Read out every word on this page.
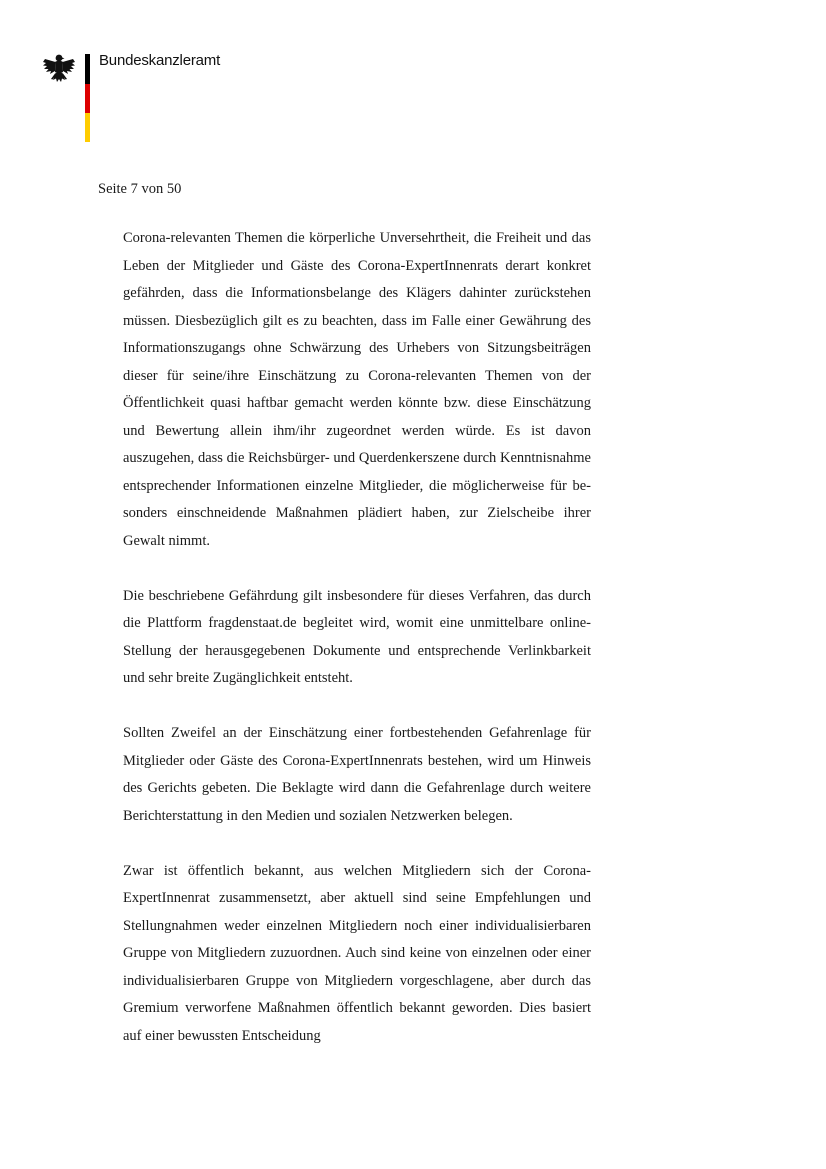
Bundeskanzleramt
Seite 7 von 50

Corona-relevanten Themen die körperliche Unversehrtheit, die Freiheit und das Leben der Mitglieder und Gäste des Corona-ExpertInnenrats derart konkret gefährden, dass die Informationsbelange des Klägers dahinter zurückstehen müssen. Diesbezüglich gilt es zu beachten, dass im Falle einer Gewährung des Informationszugangs ohne Schwärzung des Urhebers von Sitzungsbeiträgen dieser für seine/ihre Einschätzung zu Corona-relevanten Themen von der Öffentlichkeit quasi haftbar gemacht werden könnte bzw. diese Einschätzung und Bewertung allein ihm/ihr zugeordnet werden würde. Es ist davon auszugehen, dass die Reichsbürger- und Querdenkerszene durch Kenntnisnahme entsprechender Informationen einzelne Mitglieder, die möglicherweise für besonders einschneidende Maßnahmen plädiert haben, zur Zielscheibe ihrer Gewalt nimmt.

Die beschriebene Gefährdung gilt insbesondere für dieses Verfahren, das durch die Plattform fragdenstaat.de begleitet wird, womit eine unmittelbare online-Stellung der herausgegebenen Dokumente und entsprechende Verlinkbarkeit und sehr breite Zugänglichkeit entsteht.

Sollten Zweifel an der Einschätzung einer fortbestehenden Gefahrenlage für Mitglieder oder Gäste des Corona-ExpertInnenrats bestehen, wird um Hinweis des Gerichts gebeten. Die Beklagte wird dann die Gefahrenlage durch weitere Berichterstattung in den Medien und sozialen Netzwerken belegen.

Zwar ist öffentlich bekannt, aus welchen Mitgliedern sich der Corona-ExpertInnenrat zusammensetzt, aber aktuell sind seine Empfehlungen und Stellungnahmen weder einzelnen Mitgliedern noch einer individualisierbaren Gruppe von Mitgliedern zuzuordnen. Auch sind keine von einzelnen oder einer individualisierbaren Gruppe von Mitgliedern vorgeschlagene, aber durch das Gremium verworfene Maßnahmen öffentlich bekannt geworden. Dies basiert auf einer bewussten Entscheidung
